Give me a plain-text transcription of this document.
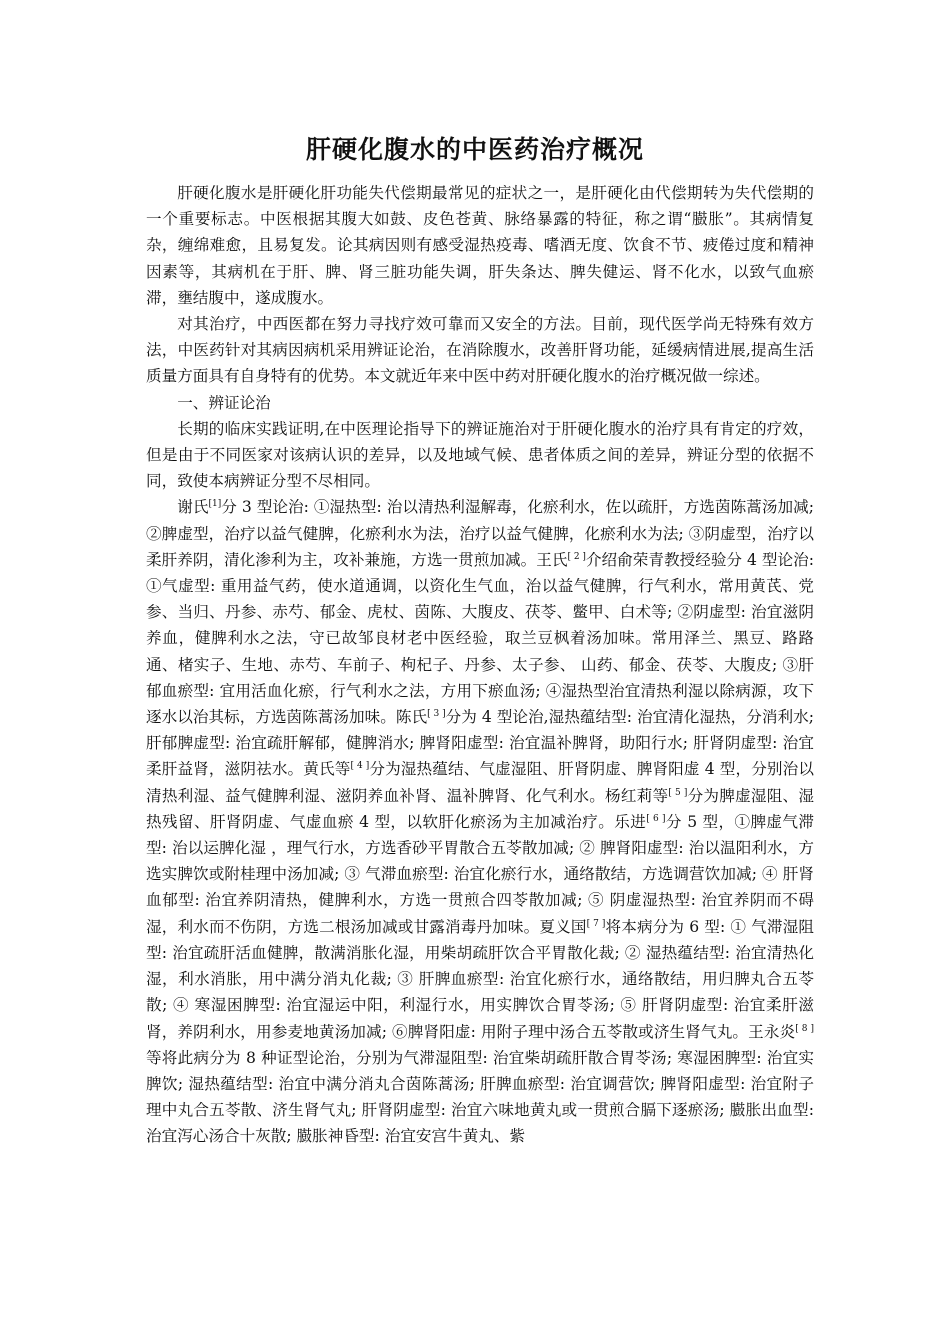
肝硬化腹水的中医药治疗概况

肝硬化腹水是肝硬化肝功能失代偿期最常见的症状之一，是肝硬化由代偿期转为失代偿期的一个重要标志。中医根据其腹大如鼓、皮色苍黄、脉络暴露的特征，称之谓“臌胀”。其病情复杂，缠绵难愈，且易复发。论其病因则有感受湿热疫毒、嗜酒无度、饮食不节、疲倦过度和精神因素等，其病机在于肝、脾、肾三脏功能失调，肝失条达、脾失健运、肾不化水，以致气血瘀滞，壅结腹中，遂成腹水。

对其治疗，中西医都在努力寻找疗效可靠而又安全的方法。目前，现代医学尚无特殊有效方法，中医药针对其病因病机采用辨证论治，在消除腹水，改善肝肾功能，延缓病情进展,提高生活质量方面具有自身特有的优势。本文就近年来中医中药对肝硬化腹水的治疗概况做一综述。

一、辨证论治

长期的临床实践证明,在中医理论指导下的辨证施治对于肝硬化腹水的治疗具有肯定的疗效，但是由于不同医家对该病认识的差异，以及地域气候、患者体质之间的差异，辨证分型的依据不同，致使本病辨证分型不尽相同。

谢氏[1]分 3 型论治: ①湿热型: 治以清热利湿解毒，化瘀利水，佐以疏肝，方选茵陈蒿汤加减; ②脾虚型，治疗以益气健脾，化瘀利水为法，治疗以益气健脾，化瘀利水为法; ③阴虚型，治疗以柔肝养阴，清化渗利为主，攻补兼施，方选一贯煎加减。王氏[ 2 ]介绍俞荣青教授经验分 4 型论治: ①气虚型: 重用益气药，使水道通调，以资化生气血，治以益气健脾，行气利水，常用黄芪、党参、当归、丹参、赤芍、郁金、虎杖、茵陈、大腹皮、茯苓、鳖甲、白术等; ②阴虚型: 治宜滋阴养血，健脾利水之法，守已故邹良材老中医经验，取兰豆枫着汤加味。常用泽兰、黑豆、路路通、楮实子、生地、赤芍、车前子、枸杞子、丹参、太子参、 山药、郁金、茯苓、大腹皮; ③肝郁血瘀型: 宜用活血化瘀，行气利水之法，方用下瘀血汤; ④湿热型治宜清热利湿以除病源，攻下逐水以治其标，方选茵陈蒿汤加味。陈氏[ 3 ]分为 4 型论治,湿热蕴结型: 治宜清化湿热，分消利水; 肝郁脾虚型: 治宜疏肝解郁，健脾消水; 脾肾阳虚型: 治宜温补脾肾，助阳行水; 肝肾阴虚型: 治宜柔肝益肾，滋阴祛水。黄氏等[ 4 ]分为湿热蕴结、气虚湿阻、肝肾阴虚、脾肾阳虚 4 型，分别治以清热利湿、益气健脾利湿、滋阴养血补肾、温补脾肾、化气利水。杨红莉等[ 5 ]分为脾虚湿阻、湿热残留、肝肾阴虚、气虚血瘀 4 型，以软肝化瘀汤为主加减治疗。乐进[ 6 ]分 5 型，①脾虚气滞型: 治以运脾化湿 ，理气行水，方选香砂平胃散合五苓散加减; ② 脾肾阳虚型: 治以温阳利水，方选实脾饮或附桂理中汤加减; ③ 气滞血瘀型: 治宜化瘀行水，通络散结，方选调营饮加减; ④ 肝肾血郁型: 治宜养阴清热，健脾利水，方选一贯煎合四苓散加减; ⑤ 阴虚湿热型: 治宜养阴而不碍湿，利水而不伤阴，方选二根汤加减或甘露消毒丹加味。夏义国[ 7 ]将本病分为 6 型: ① 气滞湿阻型: 治宜疏肝活血健脾，散满消胀化湿，用柴胡疏肝饮合平胃散化裁; ② 湿热蕴结型: 治宜清热化湿，利水消胀，用中满分消丸化裁; ③ 肝脾血瘀型: 治宜化瘀行水，通络散结，用归脾丸合五苓散; ④ 寒湿困脾型: 治宜湿运中阳，利湿行水，用实脾饮合胃苓汤; ⑤ 肝肾阴虚型: 治宜柔肝滋肾，养阴利水，用参麦地黄汤加减; ⑥脾肾阳虚: 用附子理中汤合五苓散或济生肾气丸。王永炎[ 8 ]等将此病分为 8 种证型论治，分别为气滞湿阻型: 治宜柴胡疏肝散合胃苓汤; 寒湿困脾型: 治宜实脾饮; 湿热蕴结型: 治宜中满分消丸合茵陈蒿汤; 肝脾血瘀型: 治宜调营饮; 脾肾阳虚型: 治宜附子理中丸合五苓散、济生肾气丸; 肝肾阴虚型: 治宜六味地黄丸或一贯煎合膈下逐瘀汤; 臌胀出血型: 治宜泻心汤合十灰散; 臌胀神昏型: 治宜安宫牛黄丸、紫
